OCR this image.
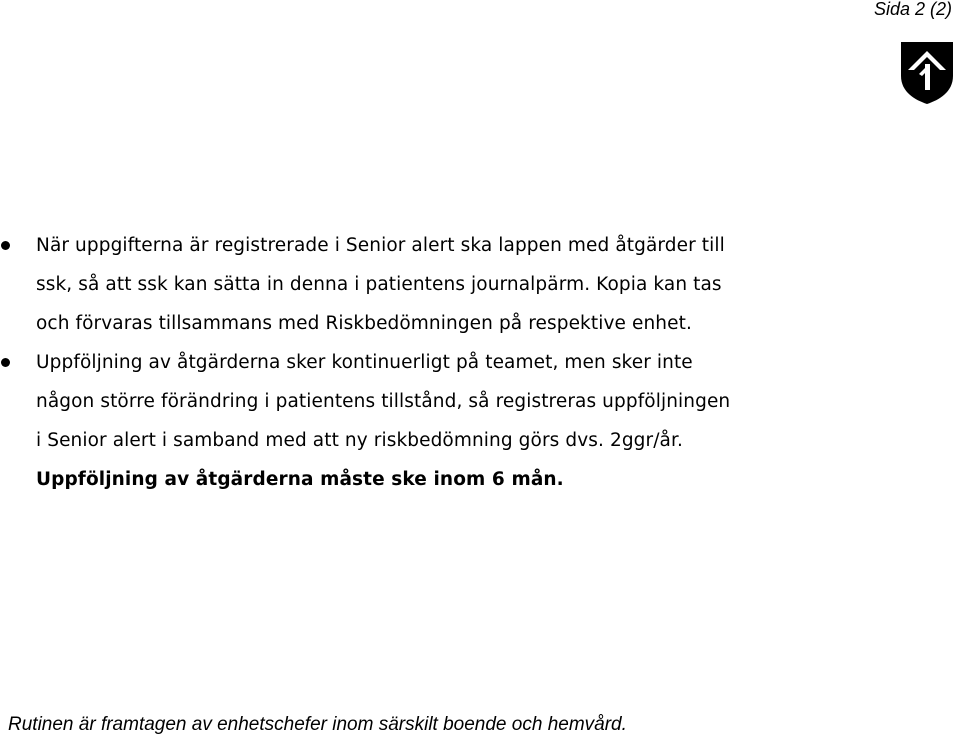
Sida 2 (2)
När uppgifterna är registrerade i Senior alert ska lappen med åtgärder till
ssk, så att ssk kan sätta in denna i patientens journalpärm. Kopia kan tas
och förvaras tillsammans med Riskbedömningen på respektive enhet.
Uppföljning av åtgärderna sker kontinuerligt på teamet, men sker inte
någon större förändring i patientens tillstånd, så registreras uppföljningen
i Senior alert i samband med att ny riskbedömning görs dvs. 2ggr/år.
Uppföljning av åtgärderna måste ske inom 6 mån.
Rutinen är framtagen av enhetschefer inom särskilt boende och hemvård.
